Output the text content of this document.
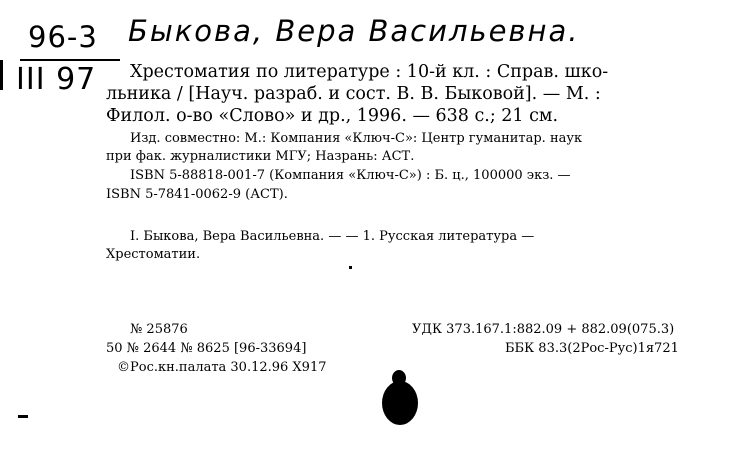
96-3
III 97
Быкова, Вера Васильевна.
Хрестоматия по литературе : 10-й кл. : Справ. шко-
льника / [Науч. разраб. и сост. В. В. Быковой]. — М. :
Филол. о-во «Слово» и др., 1996. — 638 с.; 21 см.
Изд. совместно: М.: Компания «Ключ-С»: Центр гуманитар. наук
при фак. журналистики МГУ; Назрань: АСТ.
ISBN 5-88818-001-7 (Компания «Ключ-С») : Б. ц., 100000 экз. —
ISBN 5-7841-0062-9 (АСТ).
I. Быкова, Вера Васильевна. — — 1. Русская литература —
Хрестоматии.
№ 25876
50 № 2644 № 8625 [96-33694]
©Рос.кн.палата 30.12.96 Х917
УДК 373.167.1:882.09 + 882.09(075.3)
ББК 83.3(2Рос-Рус)1я721
